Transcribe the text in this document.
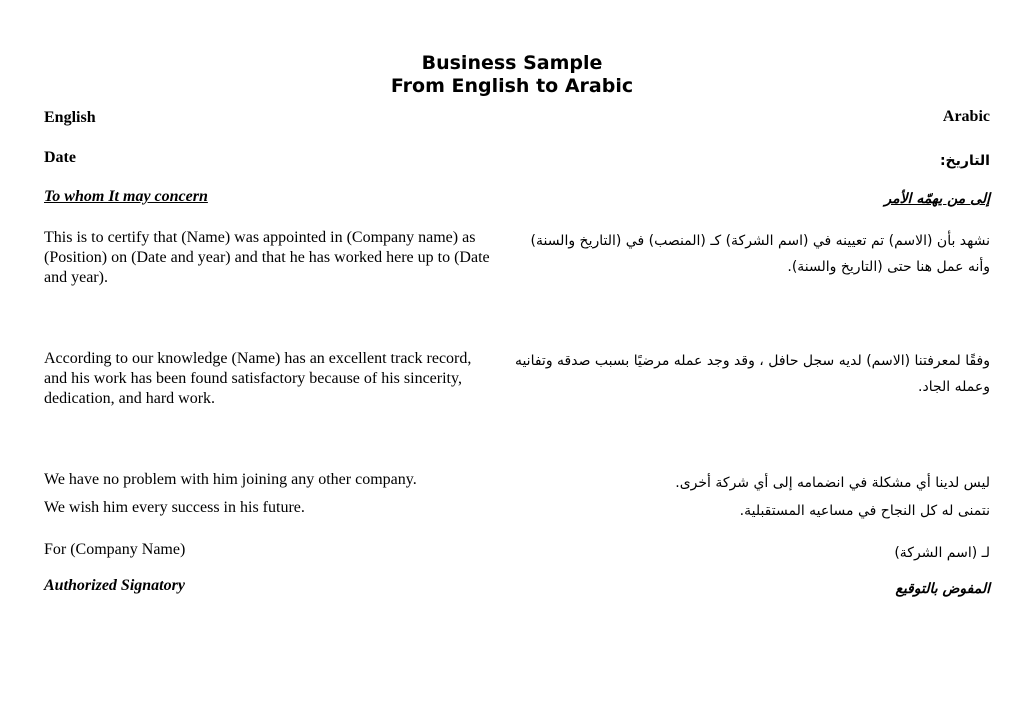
Business Sample
From English to Arabic
English	Arabic
Date	التاريخ:
To whom It may concern	إلى من يهمّه الأمر
This is to certify that (Name) was appointed in (Company name) as (Position) on (Date and year) and that he has worked here up to (Date and year).
نشهد بأن (الاسم) تم تعيينه في (اسم الشركة) كـ (المنصب) في (التاريخ والسنة) وأنه عمل هنا حتى (التاريخ والسنة).
According to our knowledge (Name) has an excellent track record, and his work has been found satisfactory because of his sincerity, dedication, and hard work.
وفقًا لمعرفتنا (الاسم) لديه سجل حافل ، وقد وجد عمله مرضيًا بسبب صدقه وتفانيه وعمله الجاد.
We have no problem with him joining any other company.	ليس لدينا أي مشكلة في انضمامه إلى أي شركة أخرى.
We wish him every success in his future.	نتمنى له كل النجاح في مساعيه المستقبلية.
For (Company Name)	لـ (اسم الشركة)
Authorized Signatory	المفوض بالتوقيع
